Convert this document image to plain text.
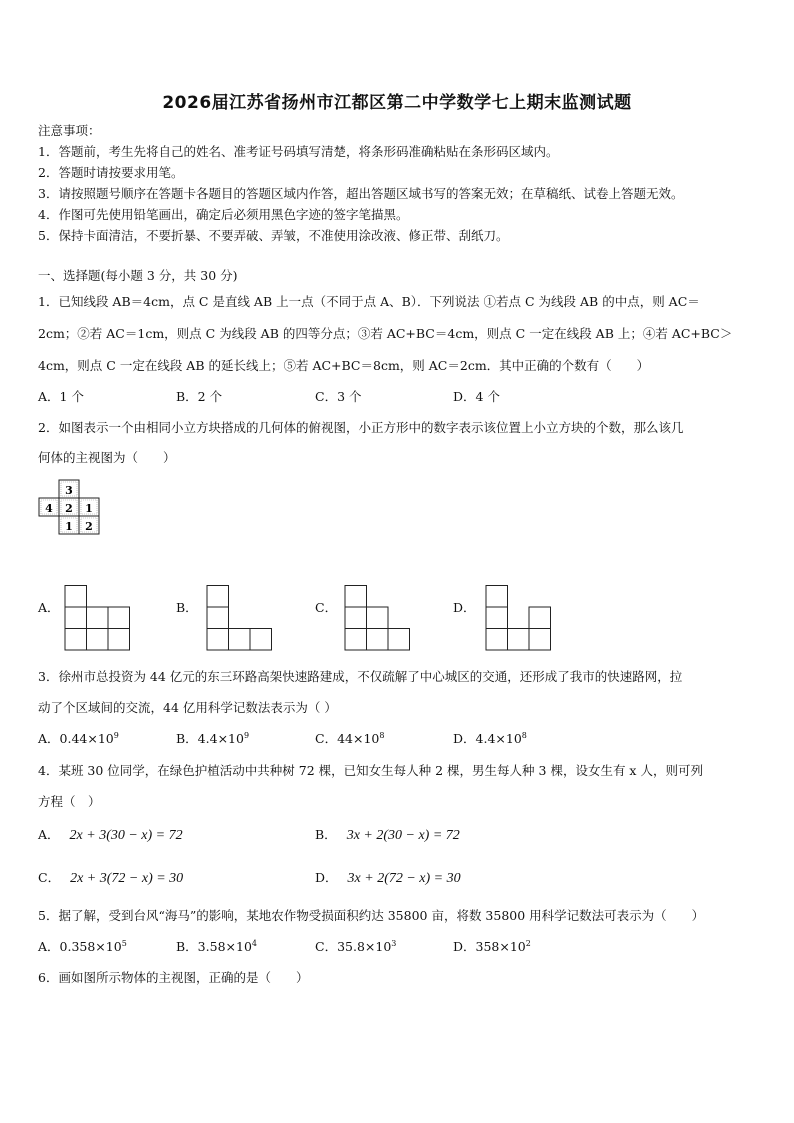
2026届江苏省扬州市江都区第二中学数学七上期末监测试题
注意事项：
1．答题前，考生先将自己的姓名、准考证号码填写清楚，将条形码准确粘贴在条形码区域内。
2．答题时请按要求用笔。
3．请按照题号顺序在答题卡各题目的答题区域内作答，超出答题区域书写的答案无效；在草稿纸、试卷上答题无效。
4．作图可先使用铅笔画出，确定后必须用黑色字迹的签字笔描黑。
5．保持卡面清洁，不要折暴、不要弄破、弄皱，不准使用涂改液、修正带、刮纸刀。
一、选择题(每小题 3 分，共 30 分)
1．已知线段 AB＝4cm，点 C 是直线 AB 上一点（不同于点 A、B）．下列说法 ①若点 C 为线段 AB 的中点，则 AC＝
2cm；②若 AC＝1cm，则点 C 为线段 AB 的四等分点；③若 AC+BC＝4cm，则点 C 一定在线段 AB 上；④若 AC+BC＞
4cm，则点 C 一定在线段 AB 的延长线上；⑤若 AC+BC＝8cm，则 AC＝2cm．其中正确的个数有（　　）
A．1 个	B．2 个	C．3 个	D．4 个
2．如图表示一个由相同小立方块搭成的几何体的俯视图，小正方形中的数字表示该位置上小立方块的个数，那么该几
何体的主视图为（　　）
3
4 2 1
1 2
A．	B．	C．	D．
3．徐州市总投资为 44 亿元的东三环路高架快速路建成，不仅疏解了中心城区的交通，还形成了我市的快速路网，拉
动了个区域间的交流，44 亿用科学记数法表示为（ ）
A．$0.44\times 10^9$	B．$4.4\times 10^9$	C．$44\times 10^8$	D．$4.4\times 10^8$
4．某班 30 位同学，在绿色护植活动中共种树 72 棵，已知女生每人种 2 棵，男生每人种 3 棵，设女生有 x 人，则可列
方程（　）
A． 2x + 3(30 − x) = 72	B． 3x + 2(30 − x) = 72
C． 2x + 3(72 − x) = 30	D． 3x + 2(72 − x) = 30
5．据了解，受到台风“海马”的影响，某地农作物受损面积约达 35800 亩，将数 35800 用科学记数法可表示为（　　）
A．$0.358\times 10^5$	B．$3.58\times 10^4$	C．$35.8\times 10^3$	D．$358\times 10^2$
6．画如图所示物体的主视图，正确的是（　　）
